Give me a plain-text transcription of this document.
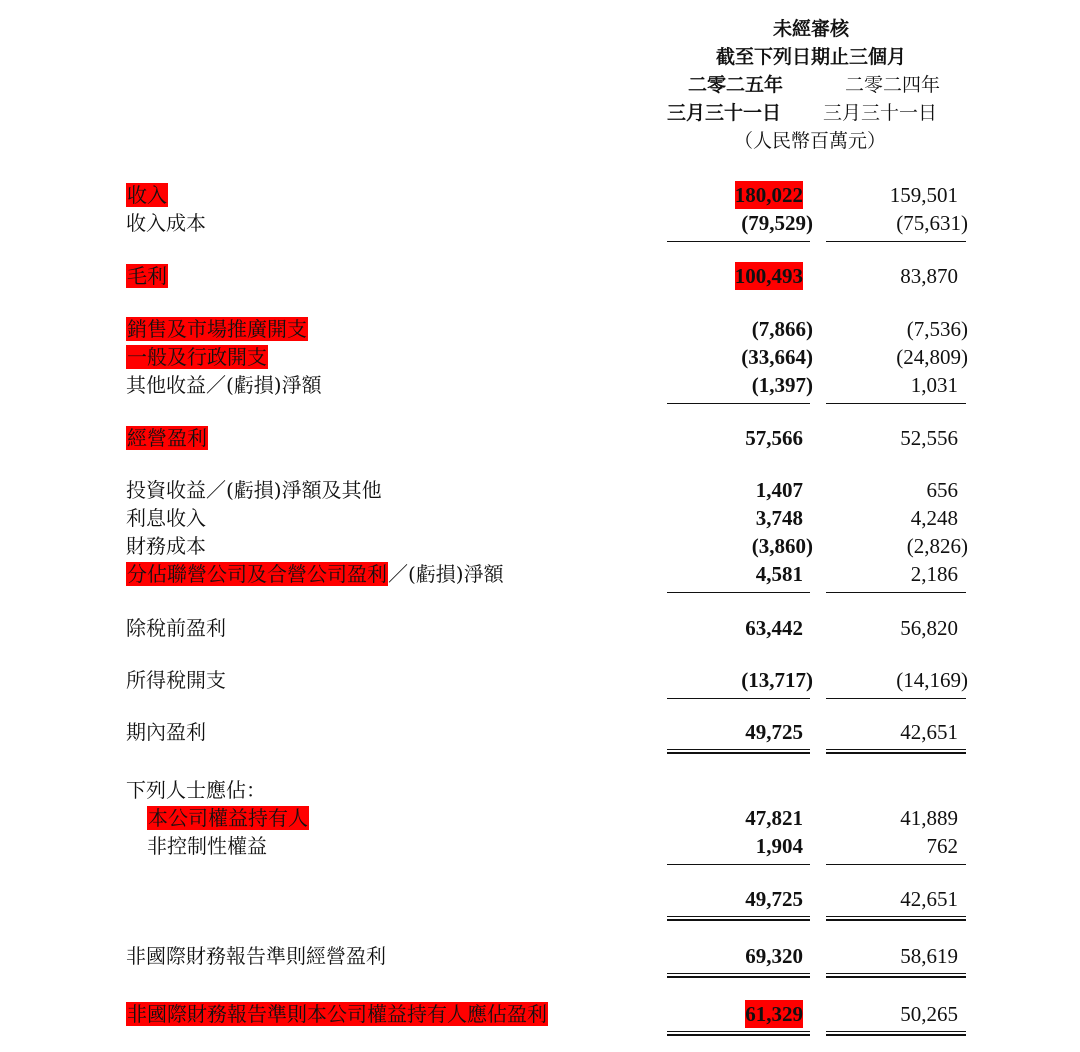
未經審核
截至下列日期止三個月
二零二五年	二零二四年
三月三十一日 三月三十一日
（人民幣百萬元）
收入	180,022	159,501
收入成本	(79,529)	(75,631)
毛利	100,493	83,870
銷售及市場推廣開支	(7,866)	(7,536)
一般及行政開支	(33,664)	(24,809)
其他收益／(虧損)淨額	(1,397)	1,031
經營盈利	57,566	52,556
投資收益／(虧損)淨額及其他	1,407	656
利息收入	3,748	4,248
財務成本	(3,860)	(2,826)
分佔聯營公司及合營公司盈利／(虧損)淨額	4,581	2,186
除稅前盈利	63,442	56,820
所得稅開支	(13,717)	(14,169)
期內盈利	49,725	42,651
下列人士應佔：
本公司權益持有人	47,821	41,889
非控制性權益	1,904	762
49,725	42,651
非國際財務報告準則經營盈利	69,320	58,619
非國際財務報告準則本公司權益持有人應佔盈利	61,329	50,265
